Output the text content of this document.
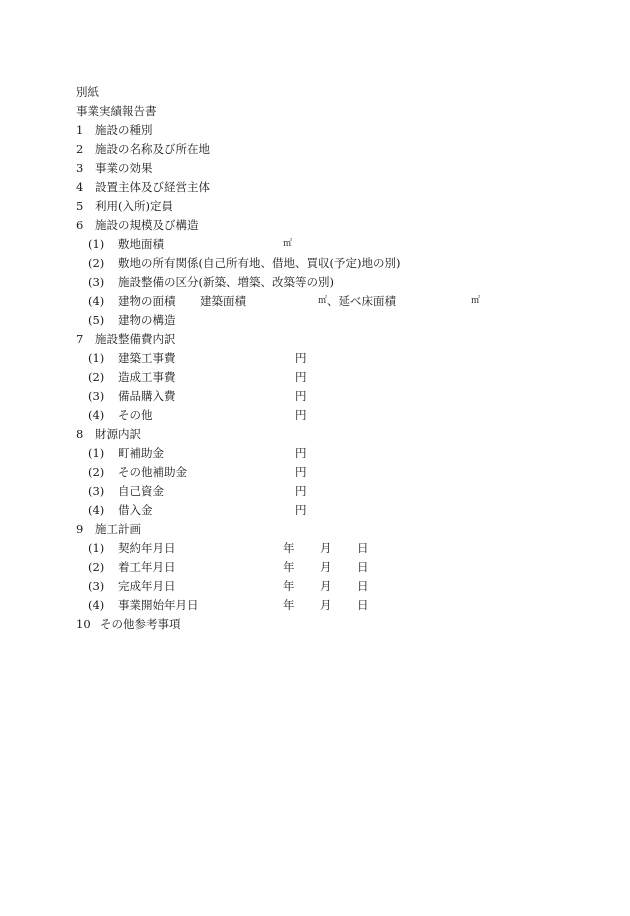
別紙
事業実績報告書
1 施設の種別
2 施設の名称及び所在地
3 事業の効果
4 設置主体及び経営主体
5 利用(入所)定員
6 施設の規模及び構造
(1) 敷地面積	㎡
(2) 敷地の所有関係(自己所有地、借地、買収(予定)地の別)
(3) 施設整備の区分(新築、増築、改築等の別)
(4) 建物の面積 建築面積	㎡ 、延べ床面積	㎡
(5) 建物の構造
7 施設整備費内訳
(1) 建築工事費	円
(2) 造成工事費	円
(3) 備品購入費	円
(4) その他	円
8 財源内訳
(1) 町補助金	円
(2) その他補助金	円
(3) 自己資金	円
(4) 借入金	円
9 施工計画
(1) 契約年月日	年 月 日
(2) 着工年月日	年 月 日
(3) 完成年月日	年 月 日
(4) 事業開始年月日	年 月 日
10 その他参考事項
